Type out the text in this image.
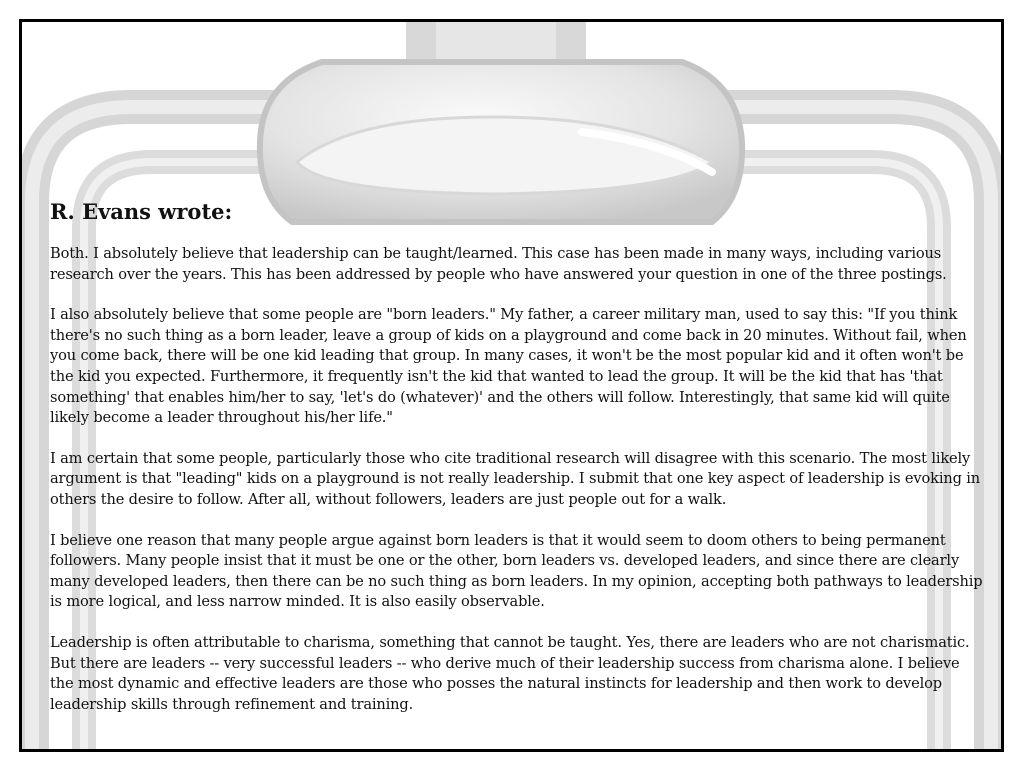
R. Evans wrote:

Both. I absolutely believe that leadership can be taught/learned. This case has been made in many ways, including various research over the years. This has been addressed by people who have answered your question in one of the three postings.

I also absolutely believe that some people are "born leaders." My father, a career military man, used to say this: "If you think there's no such thing as a born leader, leave a group of kids on a playground and come back in 20 minutes. Without fail, when you come back, there will be one kid leading that group. In many cases, it won't be the most popular kid and it often won't be the kid you expected. Furthermore, it frequently isn't the kid that wanted to lead the group. It will be the kid that has 'that something' that enables him/her to say, 'let's do (whatever)' and the others will follow. Interestingly, that same kid will quite likely become a leader throughout his/her life."

I am certain that some people, particularly those who cite traditional research will disagree with this scenario. The most likely argument is that "leading" kids on a playground is not really leadership. I submit that one key aspect of leadership is evoking in others the desire to follow. After all, without followers, leaders are just people out for a walk.

I believe one reason that many people argue against born leaders is that it would seem to doom others to being permanent followers. Many people insist that it must be one or the other, born leaders vs. developed leaders, and since there are clearly many developed leaders, then there can be no such thing as born leaders. In my opinion, accepting both pathways to leadership is more logical, and less narrow minded. It is also easily observable.

Leadership is often attributable to charisma, something that cannot be taught. Yes, there are leaders who are not charismatic. But there are leaders -- very successful leaders -- who derive much of their leadership success from charisma alone. I believe the most dynamic and effective leaders are those who posses the natural instincts for leadership and then work to develop leadership skills through refinement and training.
